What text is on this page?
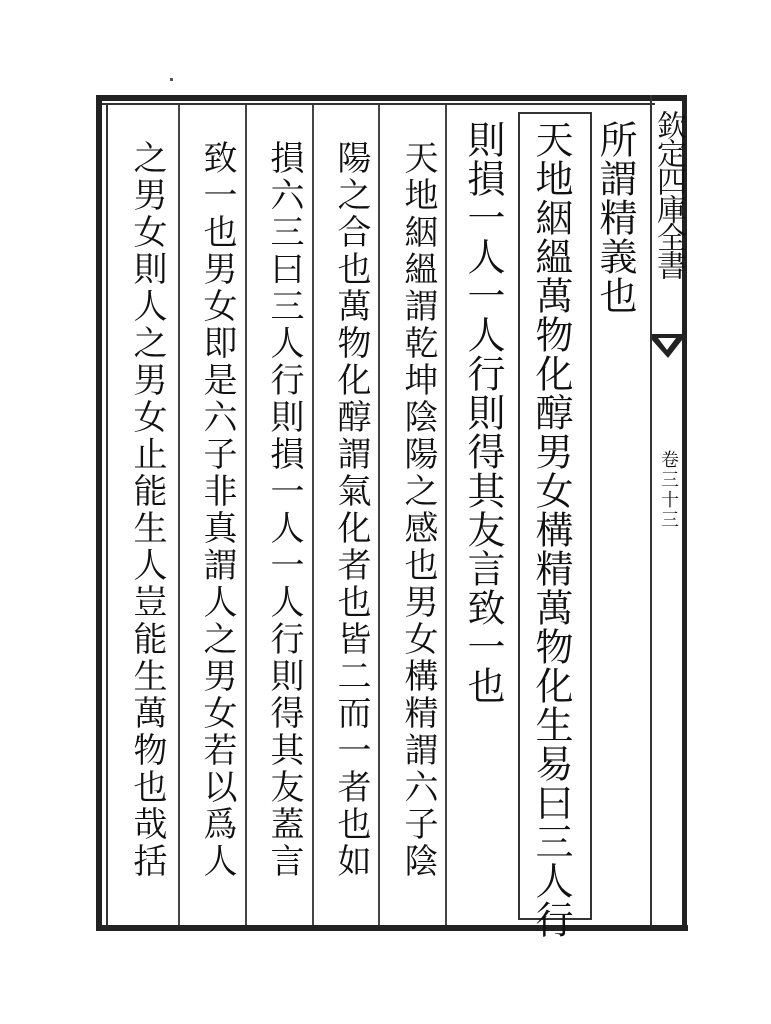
欽定四庫全書
卷三十三
所謂精義也
天地絪縕萬物化醇男女構精萬物化生易曰三人行
則損一人一人行則得其友言致一也
天地絪縕謂乾坤陰陽之感也男女構精謂六子陰
陽之合也萬物化醇謂氣化者也皆二而一者也如
損六三曰三人行則損一人一人行則得其友蓋言
致一也男女即是六子非真謂人之男女若以爲人
之男女則人之男女止能生人豈能生萬物也哉括
